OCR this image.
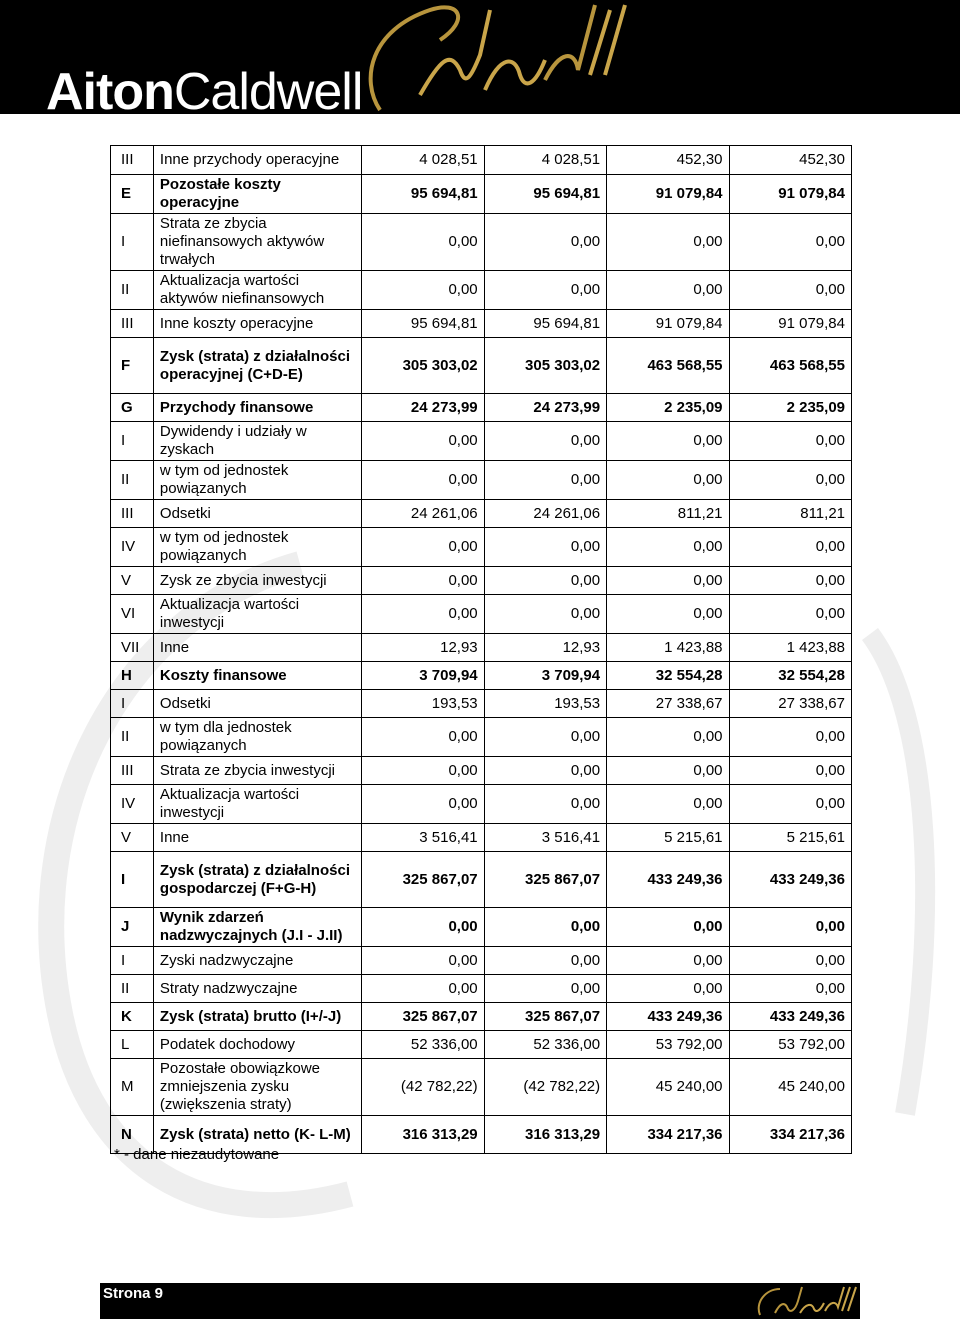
AitonCaldwell
III	Inne przychody operacyjne	4 028,51	4 028,51	452,30	452,30
E	Pozostałe koszty operacyjne	95 694,81	95 694,81	91 079,84	91 079,84
I	Strata ze zbycia niefinansowych aktywów trwałych	0,00	0,00	0,00	0,00
II	Aktualizacja wartości aktywów niefinansowych	0,00	0,00	0,00	0,00
III	Inne koszty operacyjne	95 694,81	95 694,81	91 079,84	91 079,84
F	Zysk (strata) z działalności operacyjnej (C+D-E)	305 303,02	305 303,02	463 568,55	463 568,55
G	Przychody finansowe	24 273,99	24 273,99	2 235,09	2 235,09
I	Dywidendy i udziały w zyskach	0,00	0,00	0,00	0,00
II	w tym od jednostek powiązanych	0,00	0,00	0,00	0,00
III	Odsetki	24 261,06	24 261,06	811,21	811,21
IV	w tym od jednostek powiązanych	0,00	0,00	0,00	0,00
V	Zysk ze zbycia inwestycji	0,00	0,00	0,00	0,00
VI	Aktualizacja wartości inwestycji	0,00	0,00	0,00	0,00
VII	Inne	12,93	12,93	1 423,88	1 423,88
H	Koszty finansowe	3 709,94	3 709,94	32 554,28	32 554,28
I	Odsetki	193,53	193,53	27 338,67	27 338,67
II	w tym dla jednostek powiązanych	0,00	0,00	0,00	0,00
III	Strata ze zbycia inwestycji	0,00	0,00	0,00	0,00
IV	Aktualizacja wartości inwestycji	0,00	0,00	0,00	0,00
V	Inne	3 516,41	3 516,41	5 215,61	5 215,61
I	Zysk (strata) z działalności gospodarczej (F+G-H)	325 867,07	325 867,07	433 249,36	433 249,36
J	Wynik zdarzeń nadzwyczajnych (J.I - J.II)	0,00	0,00	0,00	0,00
I	Zyski nadzwyczajne	0,00	0,00	0,00	0,00
II	Straty nadzwyczajne	0,00	0,00	0,00	0,00
K	Zysk (strata) brutto (I+/-J)	325 867,07	325 867,07	433 249,36	433 249,36
L	Podatek dochodowy	52 336,00	52 336,00	53 792,00	53 792,00
M	Pozostałe obowiązkowe zmniejszenia zysku (zwiększenia straty)	(42 782,22)	(42 782,22)	45 240,00	45 240,00
N	Zysk (strata) netto (K- L-M)	316 313,29	316 313,29	334 217,36	334 217,36
* - dane niezaudytowane
Strona 9
